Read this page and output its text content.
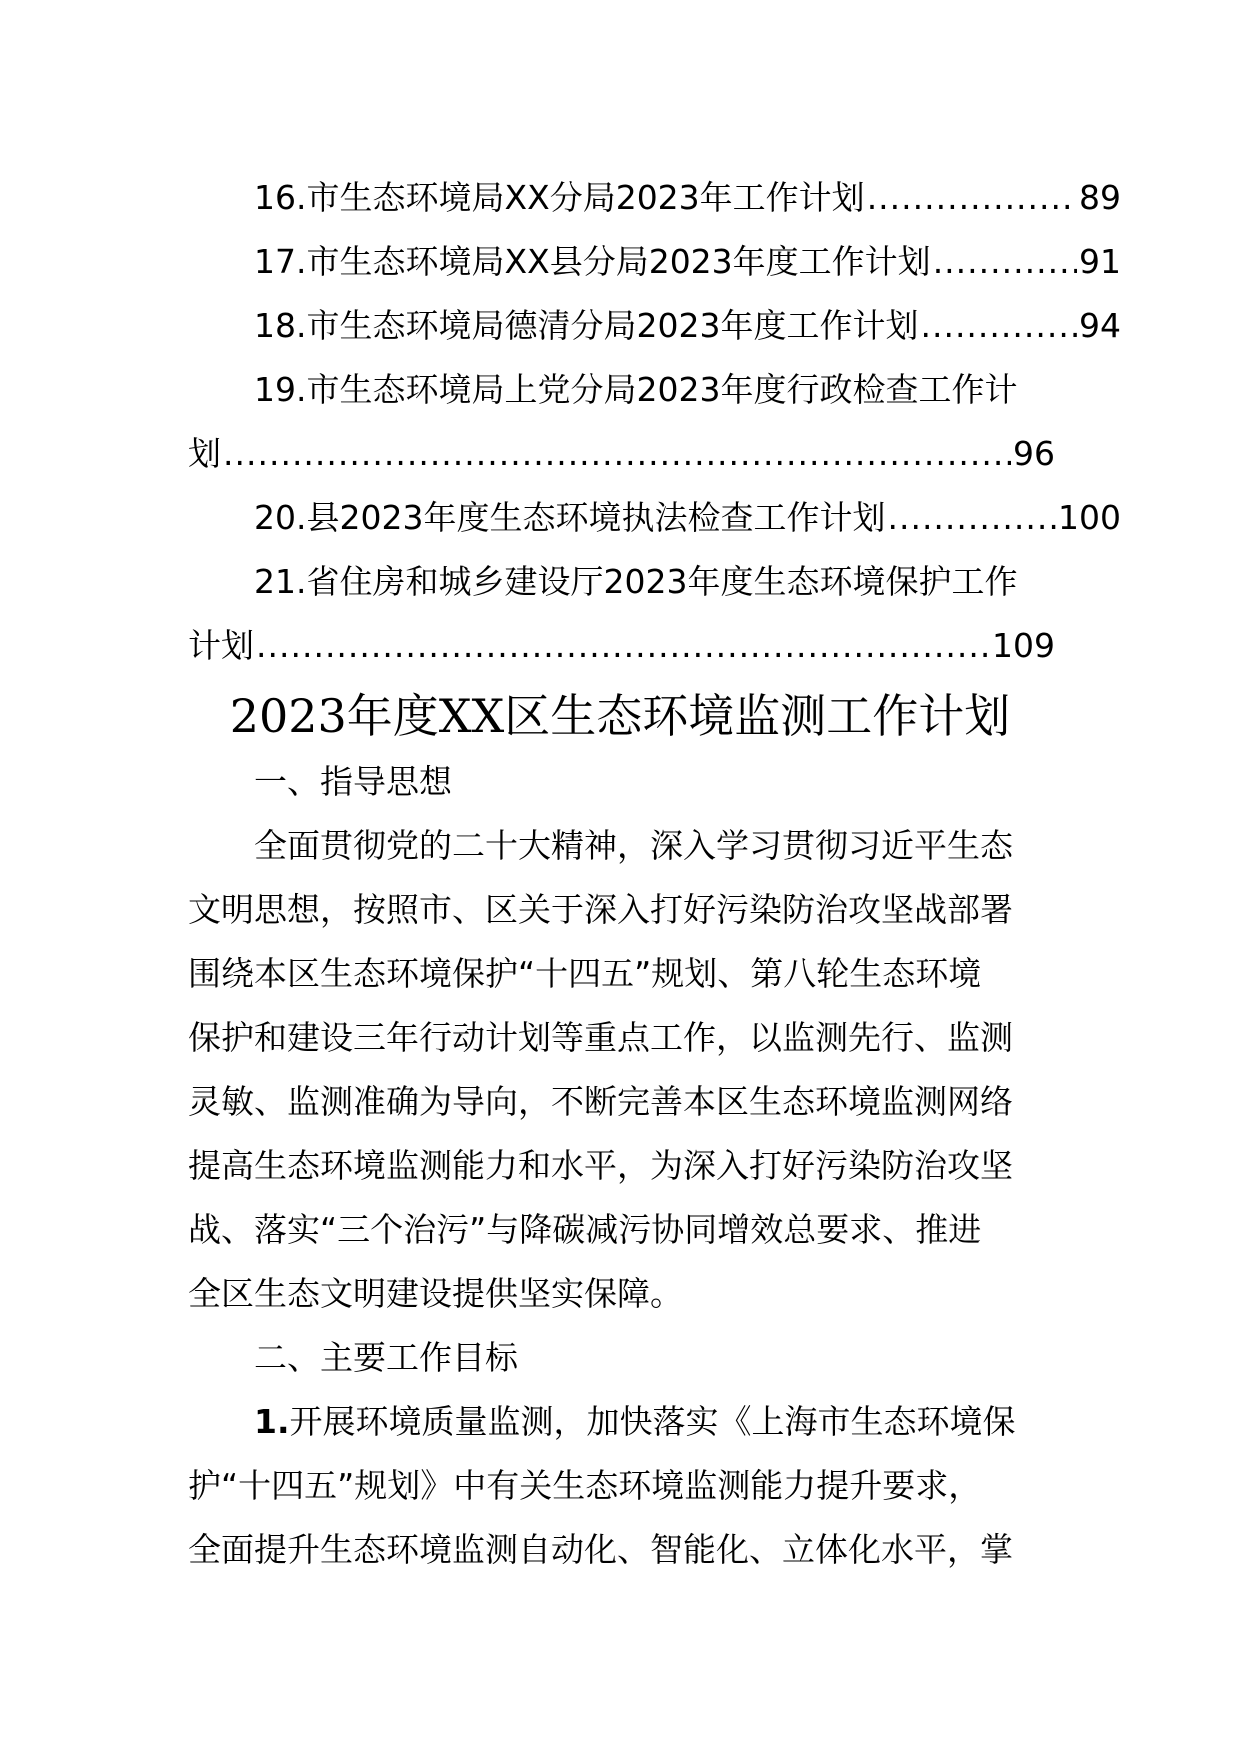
16.市生态环境局XX分局2023年工作计划 .....	89
17.市生态环境局XX县分局2023年度工作计划 .....	91
18.市生态环境局德清分局2023年度工作计划 .....	94
19.市生态环境局上党分局2023年度行政检查工作计
划 .....	96
20.县2023年度生态环境执法检查工作计划 .....	100
21.省住房和城乡建设厅2023年度生态环境保护工作
计划 .....	109
2023年度XX区生态环境监测工作计划
一、指导思想
全面贯彻党的二十大精神，深入学习贯彻习近平生态
文明思想，按照市、区关于深入打好污染防治攻坚战部署
围绕本区生态环境保护“十四五”规划、第八轮生态环境
保护和建设三年行动计划等重点工作，以监测先行、监测
灵敏、监测准确为导向，不断完善本区生态环境监测网络
提高生态环境监测能力和水平，为深入打好污染防治攻坚
战、落实“三个治污”与降碳减污协同增效总要求、推进
全区生态文明建设提供坚实保障。
二、主要工作目标
1.开展环境质量监测，加快落实《上海市生态环境保
护“十四五”规划》中有关生态环境监测能力提升要求，
全面提升生态环境监测自动化、智能化、立体化水平，掌
